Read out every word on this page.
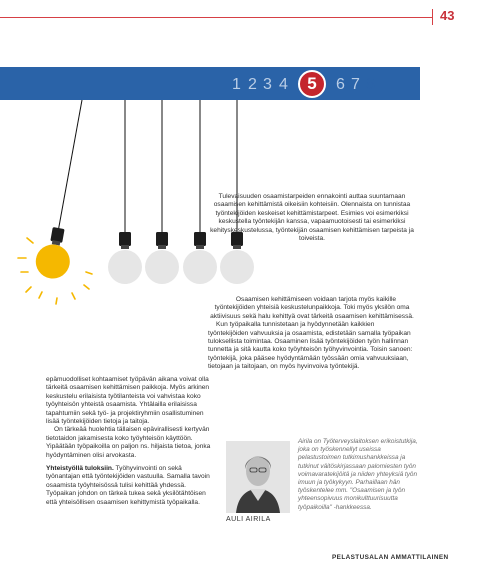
43
1 2 3 4	5	6 7 8

Tulevaisuuden osaamistarpeiden ennakointi auttaa suuntamaan osaamisen kehittämistä oikeisiin kohteisiin. Olennaista on tunnistaa työntekijöiden keskeiset kehittämistarpeet. Esimies voi esimerkiksi keskustella työntekijän kanssa, vapaamuotoisesti tai esimerkiksi kehityskeskustelussa, työntekijän osaamisen kehittämisen tarpeista ja toiveista.

Osaamisen kehittämiseen voidaan tarjota myös kaikille työntekijöiden yhteisiä keskustelunpaikkoja. Toki myös yksilön oma aktiivisuus sekä halu kehittyä ovat tärkeitä osaamisen kehittämisessä.

Kun työpaikalla tunnistetaan ja hyödynnetään kaikkien työntekijöiden vahvuuksia ja osaamista, edistetään samalla työpaikan tuloksellista toimintaa. Osaaminen lisää työntekijöiden työn hallinnan tunnetta ja sitä kautta koko työyhteisön työhyvinvointia. Toisin sanoen: työntekijä, joka pääsee hyödyntämään työssään omia vahvuuksiaan, tietojaan ja taitojaan, on myös hyvinvoiva työntekijä.

epämuodolliset kohtaamiset työpävän aikana voivat olla tärkeitä osaamisen kehittämisen paikkoja. Myös arkinen keskustelu erilaisista työtilanteista voi vahvistaa koko työyhteisön yhteistä osaamista. Yhtälailla erilaisissa tapahtumiin sekä työ- ja projektiryhmiin osallistuminen lisää työntekijöiden tietoja ja taitoja.

On tärkeää huolehtia tällaisen epävirallisesti kertyvän tietotaidon jakamisesta koko työyhteisön käyttöön. Yipäätään työpaikoilla on paljon ns. hiljaista tietoa, jonka hyödyntäminen olisi arvokasta.

Yhteistyöllä tuloksiin. Työhyvinvointi on sekä työnantajan että työntekijöiden vastuulla. Samalla tavoin osaamista työyhteisössä tulisi kehittää yhdessä. Työpaikan johdon on tärkeä tukea sekä yksilötähtöisen että yhteisöllisen osaamisen kehittymistä työpaikalla.

AULI AIRILA
Airila on Työterveyslaitoksen erikoistutkija, joka on työskennellyt useissa pelastustoimen tutkimushankkeissa ja tutkinut väitöskirjassaan palomiesten työn voimavaratekijöitä ja niiden yhteyksiä työn imuun ja työkykyyn. Parhaillaan hän työskentelee mm. "Osaamisen ja työn yhteensopivuus monikulttuurisuutta työpaikoilla" -hankkeessa.
PELASTUSALAN AMMATTILAINEN
